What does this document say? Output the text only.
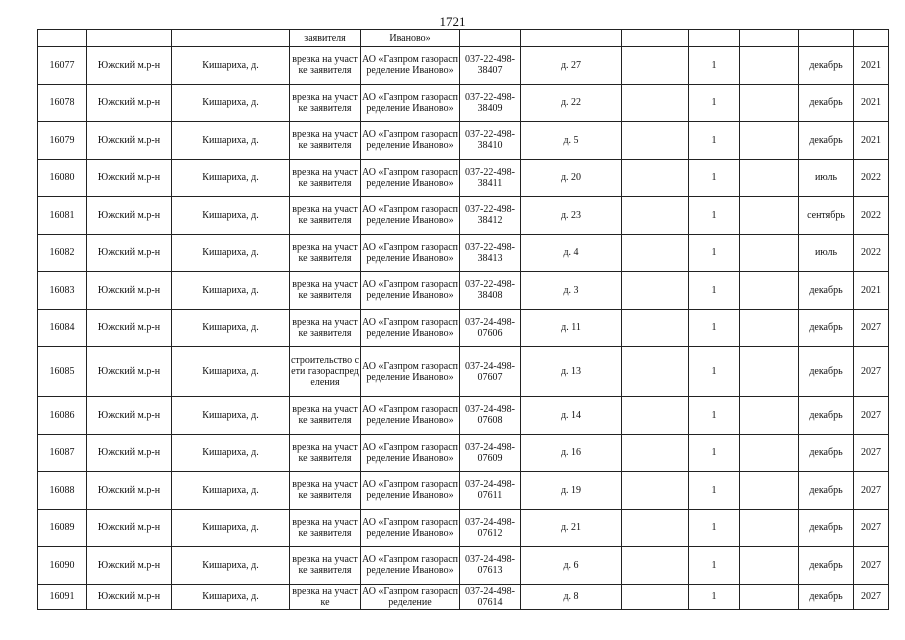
1721
			заявителя	Иваново»							

16077	Южский м.р-н	Кишариха, д.	врезка на участке заявителя	АО «Газпром газораспределение Иваново»	037-22-498-38407	д. 27		1		декабрь	2021

16078	Южский м.р-н	Кишариха, д.	врезка на участке заявителя	АО «Газпром газораспределение Иваново»	037-22-498-38409	д. 22		1		декабрь	2021

16079	Южский м.р-н	Кишариха, д.	врезка на участке заявителя	АО «Газпром газораспределение Иваново»	037-22-498-38410	д. 5		1		декабрь	2021

16080	Южский м.р-н	Кишариха, д.	врезка на участке заявителя	АО «Газпром газораспределение Иваново»	037-22-498-38411	д. 20		1		июль	2022

16081	Южский м.р-н	Кишариха, д.	врезка на участке заявителя	АО «Газпром газораспределение Иваново»	037-22-498-38412	д. 23		1		сентябрь	2022

16082	Южский м.р-н	Кишариха, д.	врезка на участке заявителя	АО «Газпром газораспределение Иваново»	037-22-498-38413	д. 4		1		июль	2022

16083	Южский м.р-н	Кишариха, д.	врезка на участке заявителя	АО «Газпром газораспределение Иваново»	037-22-498-38408	д. 3		1		декабрь	2021

16084	Южский м.р-н	Кишариха, д.	врезка на участке заявителя	АО «Газпром газораспределение Иваново»	037-24-498-07606	д. 11		1		декабрь	2027

16085	Южский м.р-н	Кишариха, д.	строительство сети газораспределения	АО «Газпром газораспределение Иваново»	037-24-498-07607	д. 13		1		декабрь	2027

16086	Южский м.р-н	Кишариха, д.	врезка на участке заявителя	АО «Газпром газораспределение Иваново»	037-24-498-07608	д. 14		1		декабрь	2027

16087	Южский м.р-н	Кишариха, д.	врезка на участке заявителя	АО «Газпром газораспределение Иваново»	037-24-498-07609	д. 16		1		декабрь	2027

16088	Южский м.р-н	Кишариха, д.	врезка на участке заявителя	АО «Газпром газораспределение Иваново»	037-24-498-07611	д. 19		1		декабрь	2027

16089	Южский м.р-н	Кишариха, д.	врезка на участке заявителя	АО «Газпром газораспределение Иваново»	037-24-498-07612	д. 21		1		декабрь	2027

16090	Южский м.р-н	Кишариха, д.	врезка на участке заявителя	АО «Газпром газораспределение Иваново»	037-24-498-07613	д. 6		1		декабрь	2027

16091	Южский м.р-н	Кишариха, д.	врезка на участке	АО «Газпром газораспределение	037-24-498-07614	д. 8		1		декабрь	2027
